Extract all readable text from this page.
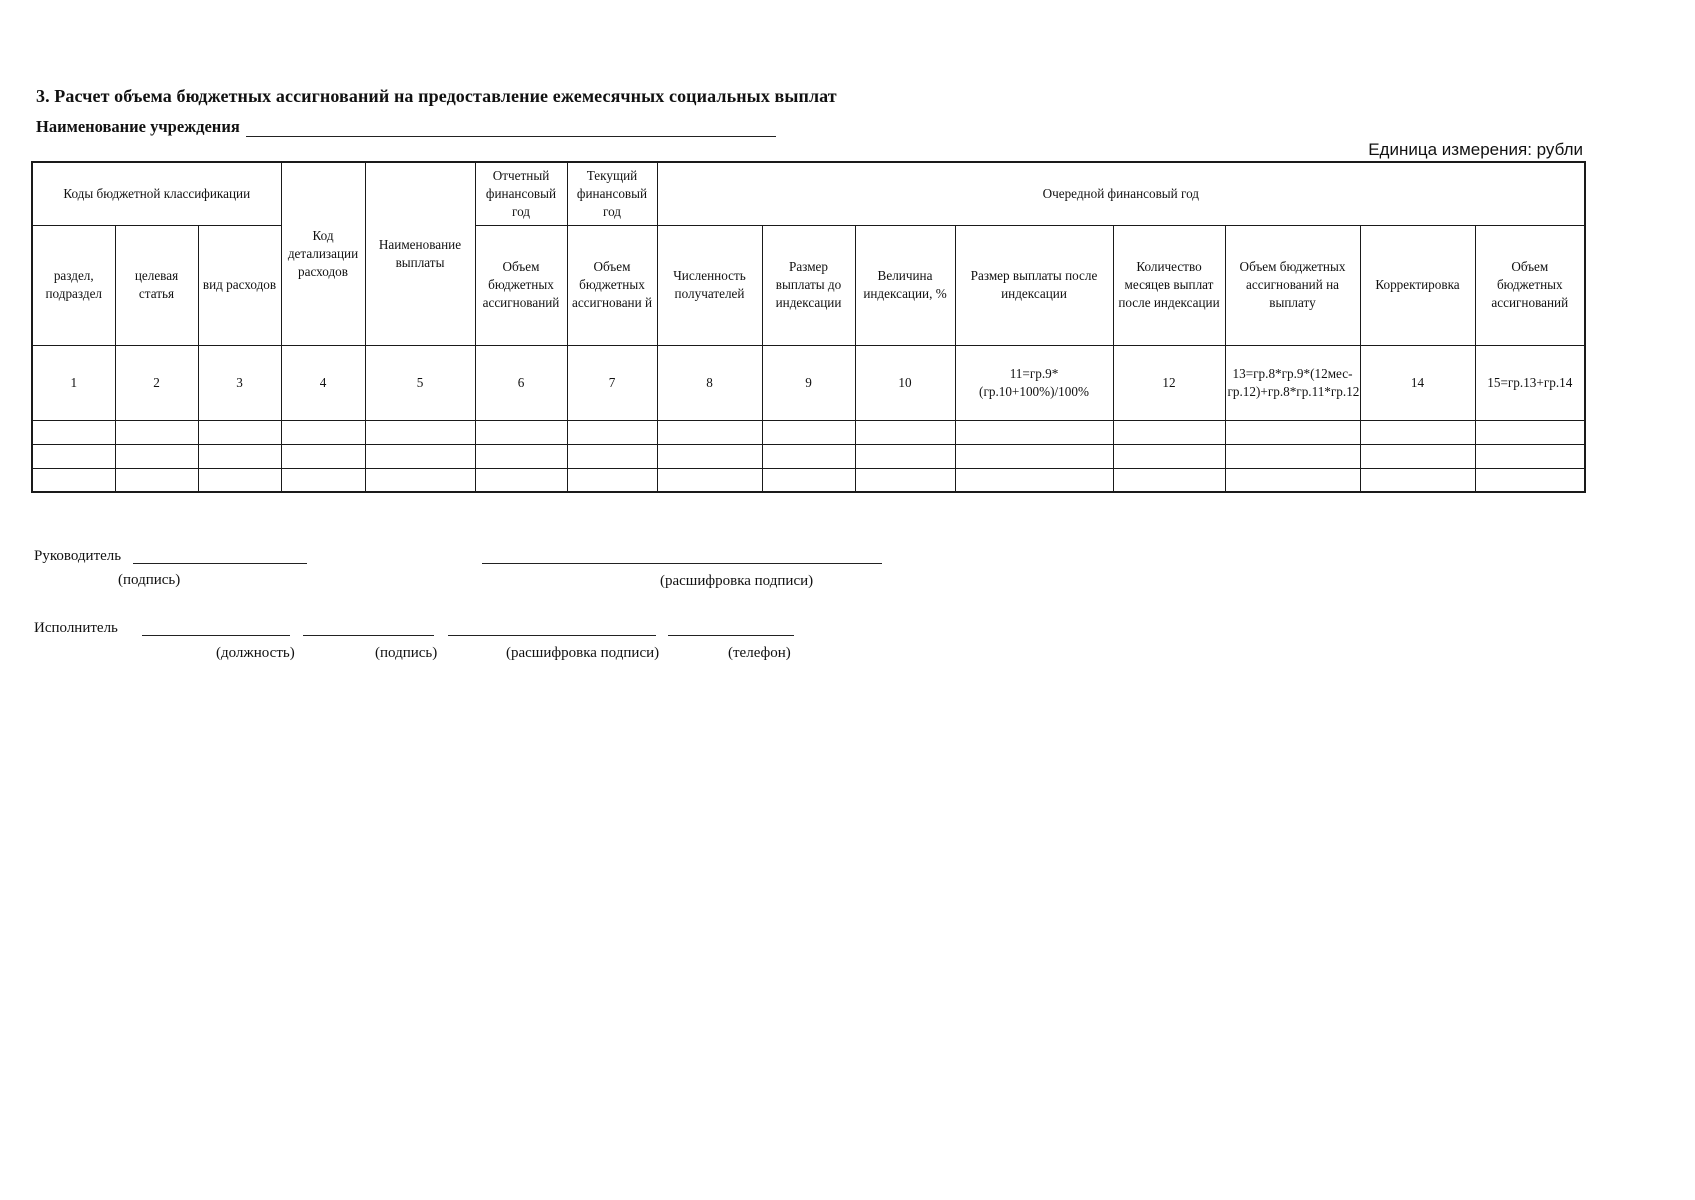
3. Расчет объема бюджетных ассигнований на предоставление ежемесячных социальных выплат
Наименование учреждения
Единица измерения: рубли
Коды бюджетной классификации			Код детализации расходов	Наименование выплаты	Отчетный финансовый год	Текущий финансовый год	Очередной финансовый год							
раздел, подраздел	целевая статья	вид расходов			Объем бюджетных ассигнований	Объем бюджетных ассигновани й	Численность получателей	Размер выплаты до индексации	Величина индексации, %	Размер выплаты после индексации	Количество месяцев выплат после индексации	Объем бюджетных ассигнований на выплату	Корректировка	Объем бюджетных ассигнований
1	2	3	4	5	6	7	8	9	10	11=гр.9*(гр.10+100%)/100%	12	13=гр.8*гр.9*(12мес-гр.12)+гр.8*гр.11*гр.12	14	15=гр.13+гр.14

Руководитель
(подпись)	(расшифровка подписи)
Исполнитель
(должность)	(подпись)	(расшифровка подписи)	(телефон)
